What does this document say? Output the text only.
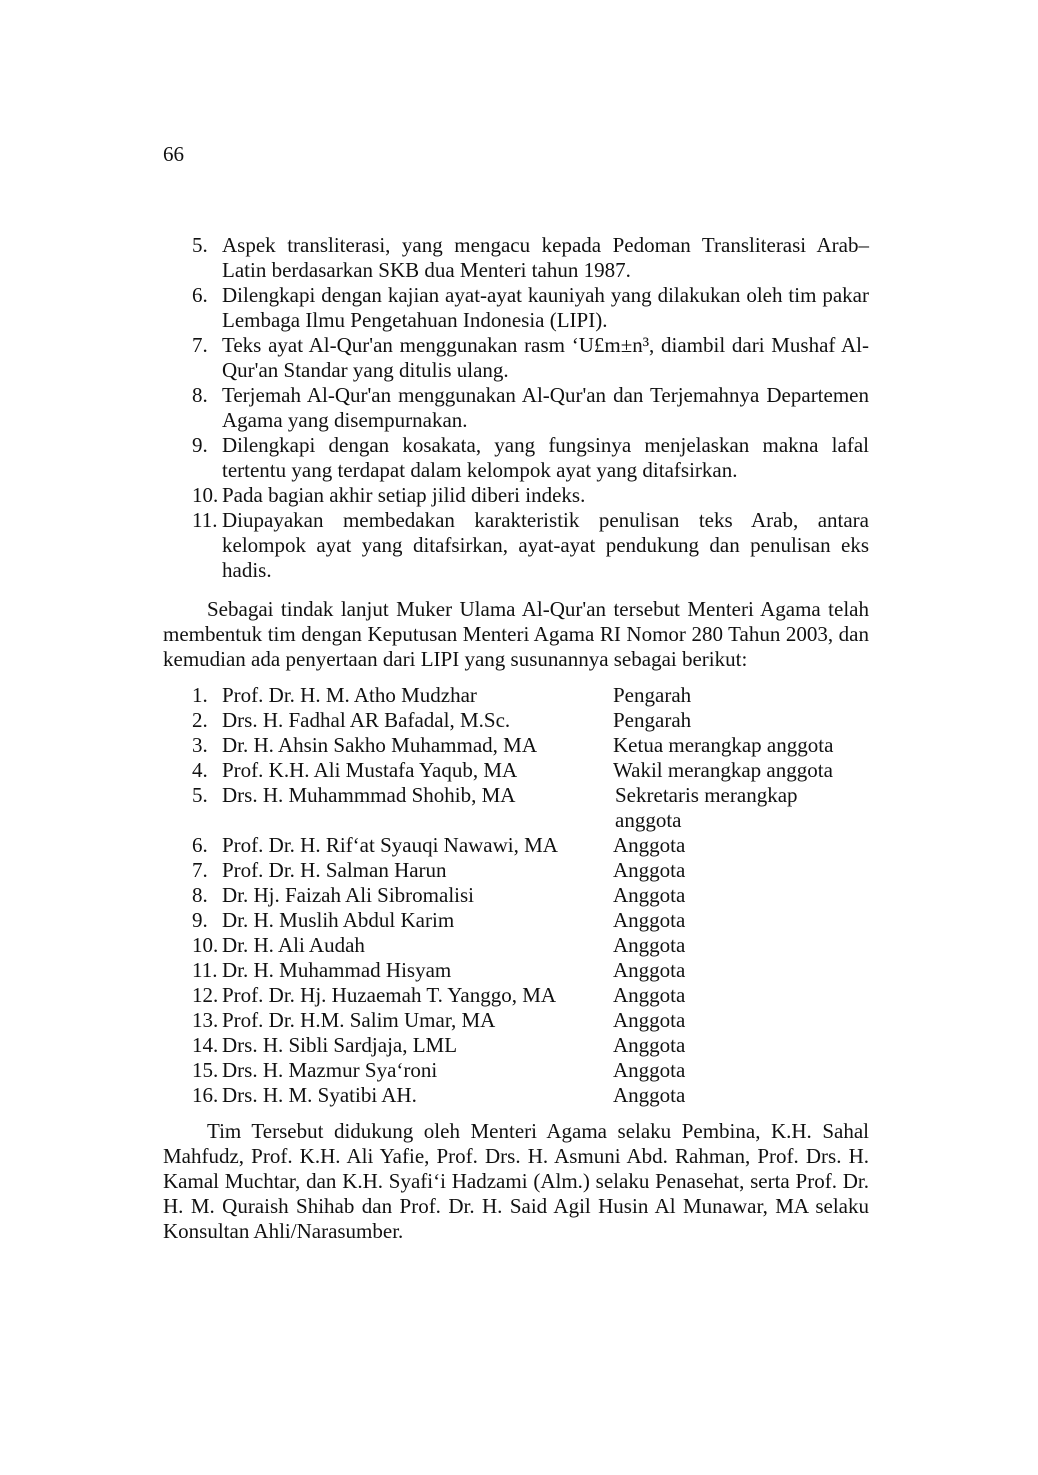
66
5. Aspek transliterasi, yang mengacu kepada Pedoman Transliterasi Arab– Latin berdasarkan SKB dua Menteri tahun 1987.
6. Dilengkapi dengan kajian ayat-ayat kauniyah yang dilakukan oleh tim pakar Lembaga Ilmu Pengetahuan Indonesia (LIPI).
7. Teks ayat Al-Qur'an menggunakan rasm ‘U£m±n³, diambil dari Mushaf Al-Qur'an Standar yang ditulis ulang.
8. Terjemah Al-Qur'an menggunakan Al-Qur'an dan Terjemahnya Departemen Agama yang disempurnakan.
9. Dilengkapi dengan kosakata, yang fungsinya menjelaskan makna lafal tertentu yang terdapat dalam kelompok ayat yang ditafsirkan.
10. Pada bagian akhir setiap jilid diberi indeks.
11. Diupayakan membedakan karakteristik penulisan teks Arab, antara kelompok ayat yang ditafsirkan, ayat-ayat pendukung dan penulisan eks hadis.

Sebagai tindak lanjut Muker Ulama Al-Qur'an tersebut Menteri Agama telah membentuk tim dengan Keputusan Menteri Agama RI Nomor 280 Tahun 2003, dan kemudian ada penyertaan dari LIPI yang susunannya sebagai berikut:

1. Prof. Dr. H. M. Atho Mudzhar	Pengarah
2. Drs. H. Fadhal AR Bafadal, M.Sc.	Pengarah
3. Dr. H. Ahsin Sakho Muhammad, MA	Ketua merangkap anggota
4. Prof. K.H. Ali Mustafa Yaqub, MA	Wakil merangkap anggota
5. Drs. H. Muhammmad Shohib, MA	Sekretaris merangkap anggota
6. Prof. Dr. H. Rif‘at Syauqi Nawawi, MA	Anggota
7. Prof. Dr. H. Salman Harun	Anggota
8. Dr. Hj. Faizah Ali Sibromalisi	Anggota
9. Dr. H. Muslih Abdul Karim	Anggota
10. Dr. H. Ali Audah	Anggota
11. Dr. H. Muhammad Hisyam	Anggota
12. Prof. Dr. Hj. Huzaemah T. Yanggo, MA	Anggota
13. Prof. Dr. H.M. Salim Umar, MA	Anggota
14. Drs. H. Sibli Sardjaja, LML	Anggota
15. Drs. H. Mazmur Sya‘roni	Anggota
16. Drs. H. M. Syatibi AH.	Anggota

Tim Tersebut didukung oleh Menteri Agama selaku Pembina, K.H. Sahal Mahfudz, Prof. K.H. Ali Yafie, Prof. Drs. H. Asmuni Abd. Rahman, Prof. Drs. H. Kamal Muchtar, dan K.H. Syafi‘i Hadzami (Alm.) selaku Penasehat, serta Prof. Dr. H. M. Quraish Shihab dan Prof. Dr. H. Said Agil Husin Al Munawar, MA selaku Konsultan Ahli/Narasumber.
